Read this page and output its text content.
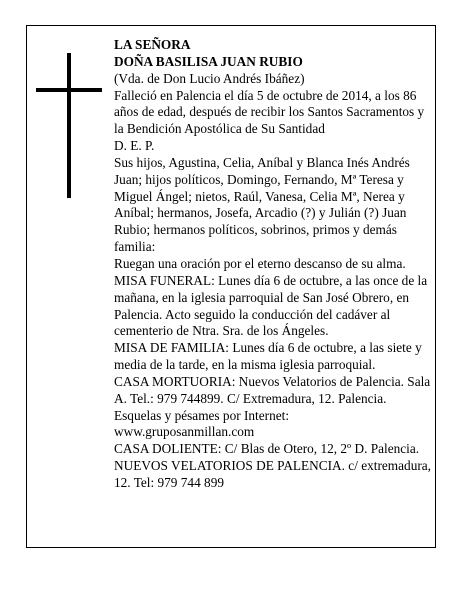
LA SEÑORA

DOÑA BASILISA JUAN RUBIO

(Vda. de Don Lucio Andrés Ibáñez)

Falleció en Palencia el día 5 de octubre de 2014, a los 86 años de edad, después de recibir los Santos Sacramentos y la Bendición Apostólica de Su Santidad

D. E. P.

Sus hijos, Agustina, Celia, Aníbal y Blanca Inés Andrés Juan; hijos políticos, Domingo, Fernando, Mª Teresa y Miguel Ángel; nietos, Raúl, Vanesa, Celia Mª, Nerea y Aníbal; hermanos, Josefa, Arcadio (?) y Julián (?) Juan Rubio; hermanos políticos, sobrinos, primos y demás familia:

Ruegan una oración por el eterno descanso de su alma.

MISA FUNERAL: Lunes día 6 de octubre, a las once de la mañana, en la iglesia parroquial de San José Obrero, en Palencia. Acto seguido la conducción del cadáver al cementerio de Ntra. Sra. de los Ángeles.

MISA DE FAMILIA: Lunes día 6 de octubre, a las siete y media de la tarde, en la misma iglesia parroquial.

CASA MORTUORIA: Nuevos Velatorios de Palencia. Sala A. Tel.: 979 744899. C/ Extremadura, 12. Palencia.

Esquelas y pésames por Internet:

www.gruposanmillan.com

CASA DOLIENTE: C/ Blas de Otero, 12, 2º D. Palencia.

NUEVOS VELATORIOS DE PALENCIA. c/ extremadura, 12. Tel: 979 744 899
